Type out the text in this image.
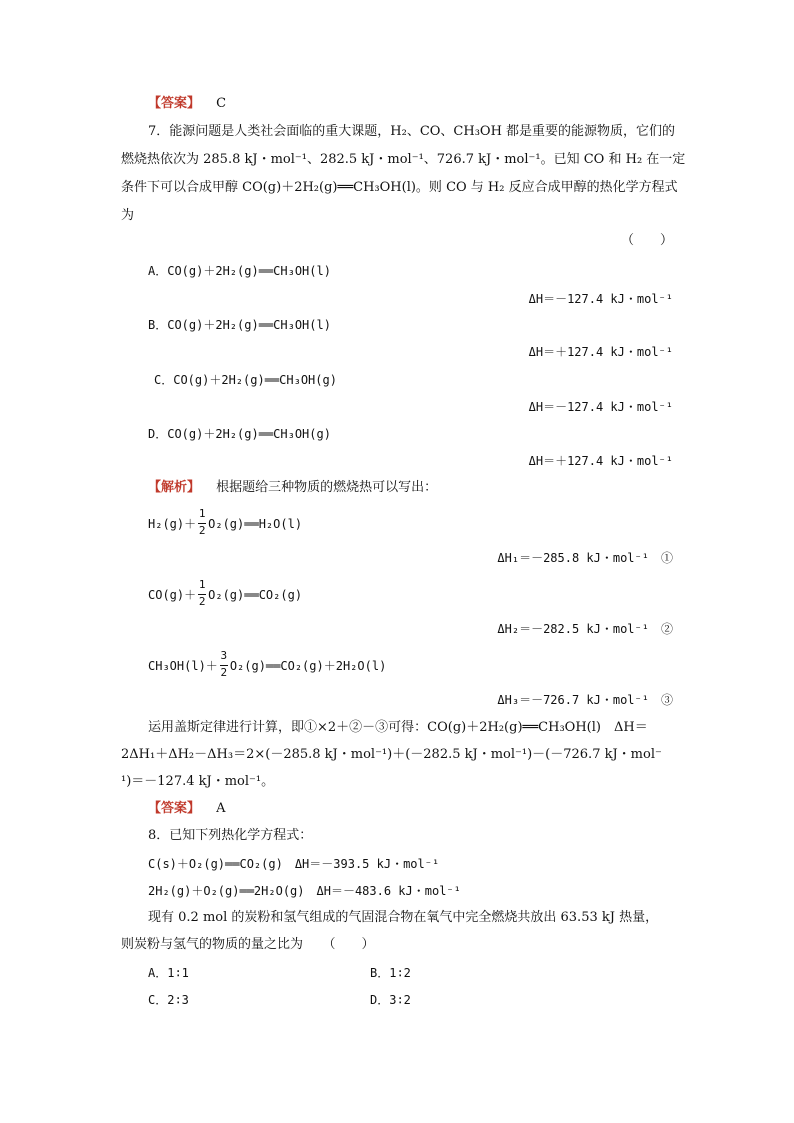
【答案】 C
7．能源问题是人类社会面临的重大课题，H₂、CO、CH₃OH 都是重要的能源物质，它们的
燃烧热依次为 285.8 kJ・mol⁻¹、282.5 kJ・mol⁻¹、726.7 kJ・mol⁻¹。已知 CO 和 H₂ 在一定
条件下可以合成甲醇 CO(g)＋2H₂(g)══CH₃OH(l)。则 CO 与 H₂ 反应合成甲醇的热化学方程式
为
（　　）
A．CO(g)＋2H₂(g)══CH₃OH(l)
ΔH＝－127.4 kJ・mol⁻¹
B．CO(g)＋2H₂(g)══CH₃OH(l)
ΔH＝＋127.4 kJ・mol⁻¹
C．CO(g)＋2H₂(g)══CH₃OH(g)
ΔH＝－127.4 kJ・mol⁻¹
D．CO(g)＋2H₂(g)══CH₃OH(g)
ΔH＝＋127.4 kJ・mol⁻¹
【解析】 根据题给三种物质的燃烧热可以写出：
$H_2(g)+ \frac{1}{2}$ O₂(g)══H₂O(l)
ΔH₁＝－285.8 kJ・mol⁻¹　①
$CO(g)+ \frac{1}{2}$ O₂(g)══CO₂(g)
ΔH₂＝－282.5 kJ・mol⁻¹　②
$CH_3OH(l)+ \frac{3}{2}$ O₂(g)══CO₂(g)＋2H₂O(l)
ΔH₃＝－726.7 kJ・mol⁻¹　③
运用盖斯定律进行计算，即①×2＋②－③可得：CO(g)＋2H₂(g)══CH₃OH(l)　ΔH＝
2ΔH₁＋ΔH₂－ΔH₃＝2×(－285.8 kJ・mol⁻¹)＋(－282.5 kJ・mol⁻¹)－(－726.7 kJ・mol⁻
¹)＝－127.4 kJ・mol⁻¹。
【答案】 A
8．已知下列热化学方程式：
C(s)＋O₂(g)══CO₂(g)　ΔH＝－393.5 kJ・mol⁻¹
2H₂(g)＋O₂(g)══2H₂O(g)　ΔH＝－483.6 kJ・mol⁻¹
现有 0.2 mol 的炭粉和氢气组成的气固混合物在氧气中完全燃烧共放出 63.53 kJ 热量，
则炭粉与氢气的物质的量之比为　　（　　）
A．1∶1	B．1∶2
C．2∶3	D．3∶2
